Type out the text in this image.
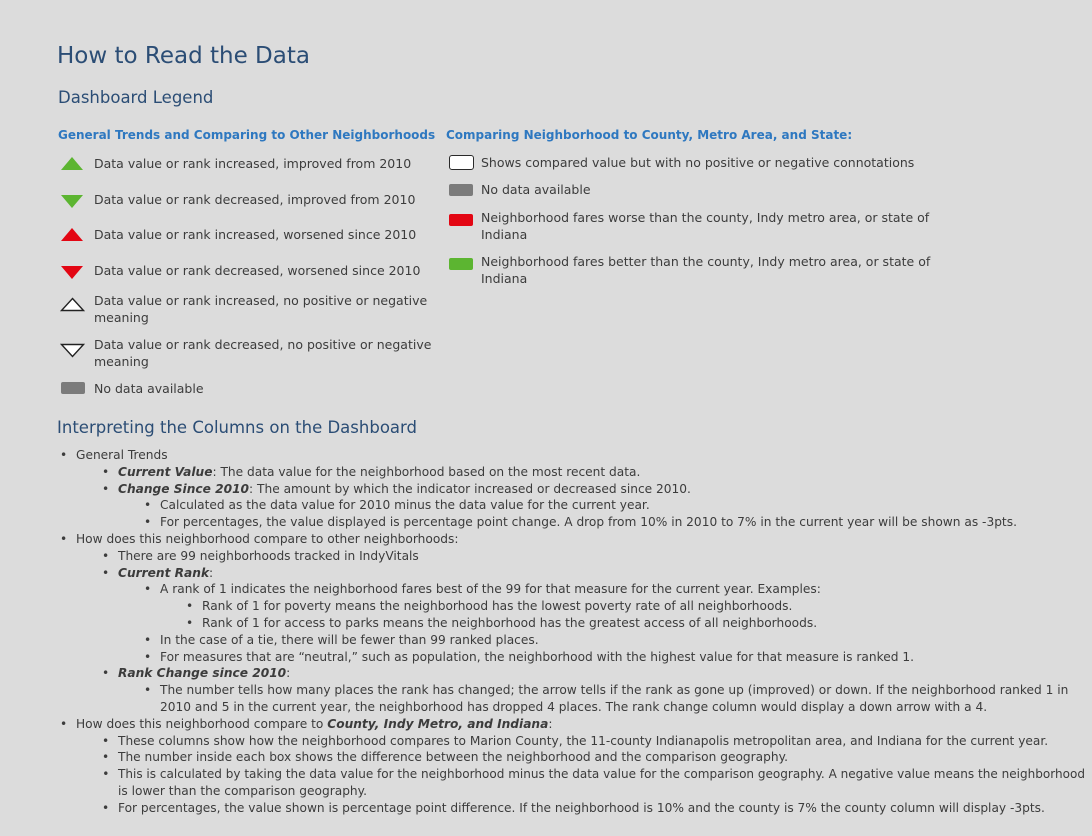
How to Read the Data
Dashboard Legend
General Trends and Comparing to Other Neighborhoods
Data value or rank increased, improved from 2010
Data value or rank decreased, improved from 2010
Data value or rank increased, worsened since 2010
Data value or rank decreased, worsened since 2010
Data value or rank increased, no positive or negative
meaning
Data value or rank decreased, no positive or negative
meaning
No data available
Comparing Neighborhood to County, Metro Area, and State:
Shows compared value but with no positive or negative connotations
No data available
Neighborhood fares worse than the county, Indy metro area, or state of
Indiana
Neighborhood fares better than the county, Indy metro area, or state of
Indiana
Interpreting the Columns on the Dashboard
• General Trends
• Current Value: The data value for the neighborhood based on the most recent data.
• Change Since 2010: The amount by which the indicator increased or decreased since 2010.
• Calculated as the data value for 2010 minus the data value for the current year.
• For percentages, the value displayed is percentage point change. A drop from 10% in 2010 to 7% in the current year will be shown as -3pts.
• How does this neighborhood compare to other neighborhoods:
• There are 99 neighborhoods tracked in IndyVitals
• Current Rank:
• A rank of 1 indicates the neighborhood fares best of the 99 for that measure for the current year. Examples:
• Rank of 1 for poverty means the neighborhood has the lowest poverty rate of all neighborhoods.
• Rank of 1 for access to parks means the neighborhood has the greatest access of all neighborhoods.
• In the case of a tie, there will be fewer than 99 ranked places.
• For measures that are “neutral,” such as population, the neighborhood with the highest value for that measure is ranked 1.
• Rank Change since 2010:
• The number tells how many places the rank has changed; the arrow tells if the rank as gone up (improved) or down. If the neighborhood ranked 1 in
2010 and 5 in the current year, the neighborhood has dropped 4 places. The rank change column would display a down arrow with a 4.
• How does this neighborhood compare to County, Indy Metro, and Indiana:
• These columns show how the neighborhood compares to Marion County, the 11-county Indianapolis metropolitan area, and Indiana for the current year.
• The number inside each box shows the difference between the neighborhood and the comparison geography.
• This is calculated by taking the data value for the neighborhood minus the data value for the comparison geography. A negative value means the neighborhood
is lower than the comparison geography.
• For percentages, the value shown is percentage point difference. If the neighborhood is 10% and the county is 7% the county column will display -3pts.
